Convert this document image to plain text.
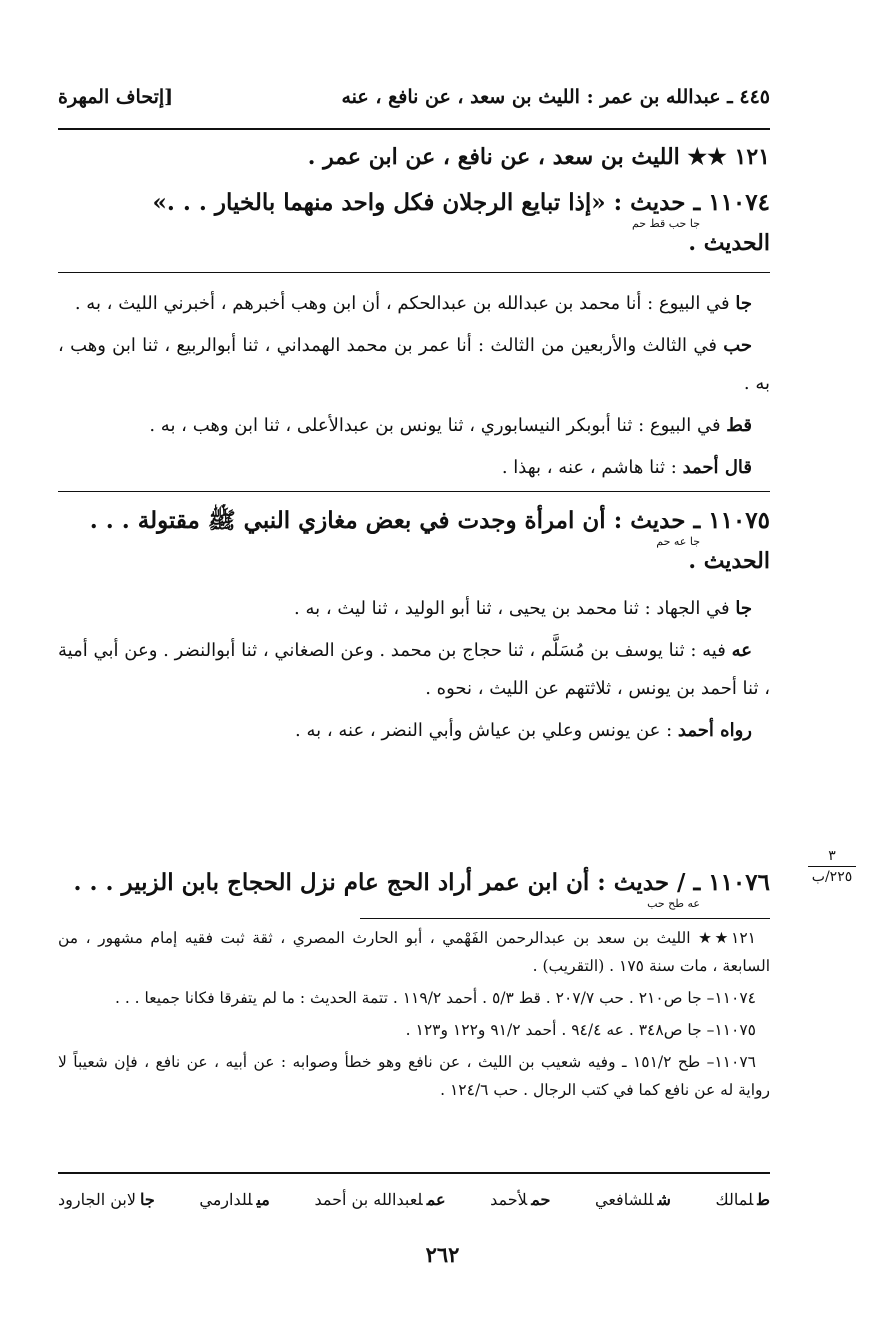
٤٤٥ ـ عبدالله بن عمر : الليث بن سعد ، عن نافع ، عنه
[إتحاف المهرة
١٢١ ★★ الليث بن سعد ، عن نافع ، عن ابن عمر .
١١٠٧٤ ـ حديث : «إذا تبايع الرجلان فكل واحد منهما بالخيار . . .»
جا حب قط حم
الحديث .

جا في البيوع : أنا محمد بن عبدالله بن عبدالحكم ، أن ابن وهب أخبرهم ، أخبرني الليث ، به .

حب في الثالث والأربعين من الثالث : أنا عمر بن محمد الهمداني ، ثنا أبوالربيع ، ثنا ابن وهب ، به .

قط في البيوع : ثنا أبوبكر النيسابوري ، ثنا يونس بن عبدالأعلى ، ثنا ابن وهب ، به .

قال أحمد : ثنا هاشم ، عنه ، بهذا .

١١٠٧٥ ـ حديث : أن امرأة وجدت في بعض مغازي النبي ﷺ مقتولة . . .
جا عه حم
الحديث .

جا في الجهاد : ثنا محمد بن يحيى ، ثنا أبو الوليد ، ثنا ليث ، به .

عه فيه : ثنا يوسف بن مُسَلَّم ، ثنا حجاج بن محمد . وعن الصغاني ، ثنا أبوالنضر . وعن أبي أمية ، ثنا أحمد بن يونس ، ثلاثتهم عن الليث ، نحوه .

رواه أحمد : عن يونس وعلي بن عياش وأبي النضر ، عنه ، به .

١١٠٧٦ ـ / حديث : أن ابن عمر أراد الحج عام نزل الحجاج بابن الزبير . . .
عه طح حب
٣
٢٢٥/ب

١٢١★★ الليث بن سعد بن عبدالرحمن الفَهْمي ، أبو الحارث المصري ، ثقة ثبت فقيه إمام مشهور ، من السابعة ، مات سنة ١٧٥ . (التقريب) .

١١٠٧٤– جا ص٢١٠ . حب ٢٠٧/٧ . قط ٥/٣ . أحمد ١١٩/٢ . تتمة الحديث : ما لم يتفرقا فكانا جميعا . . .

١١٠٧٥– جا ص٣٤٨ . عه ٩٤/٤ . أحمد ٩١/٢ و١٢٢ و١٢٣ .

١١٠٧٦– طح ١٥١/٢ ـ وفيه شعيب بن الليث ، عن نافع وهو خطأ وصوابه : عن أبيه ، عن نافع ، فإن شعيباً لا رواية له عن نافع كما في كتب الرجال . حب ١٢٤/٦ .

طلمالك
شللشافعي
حملأحمد
عملعبدالله بن أحمد
ميللدارمي
جالابن الجارود
٢٦٢
